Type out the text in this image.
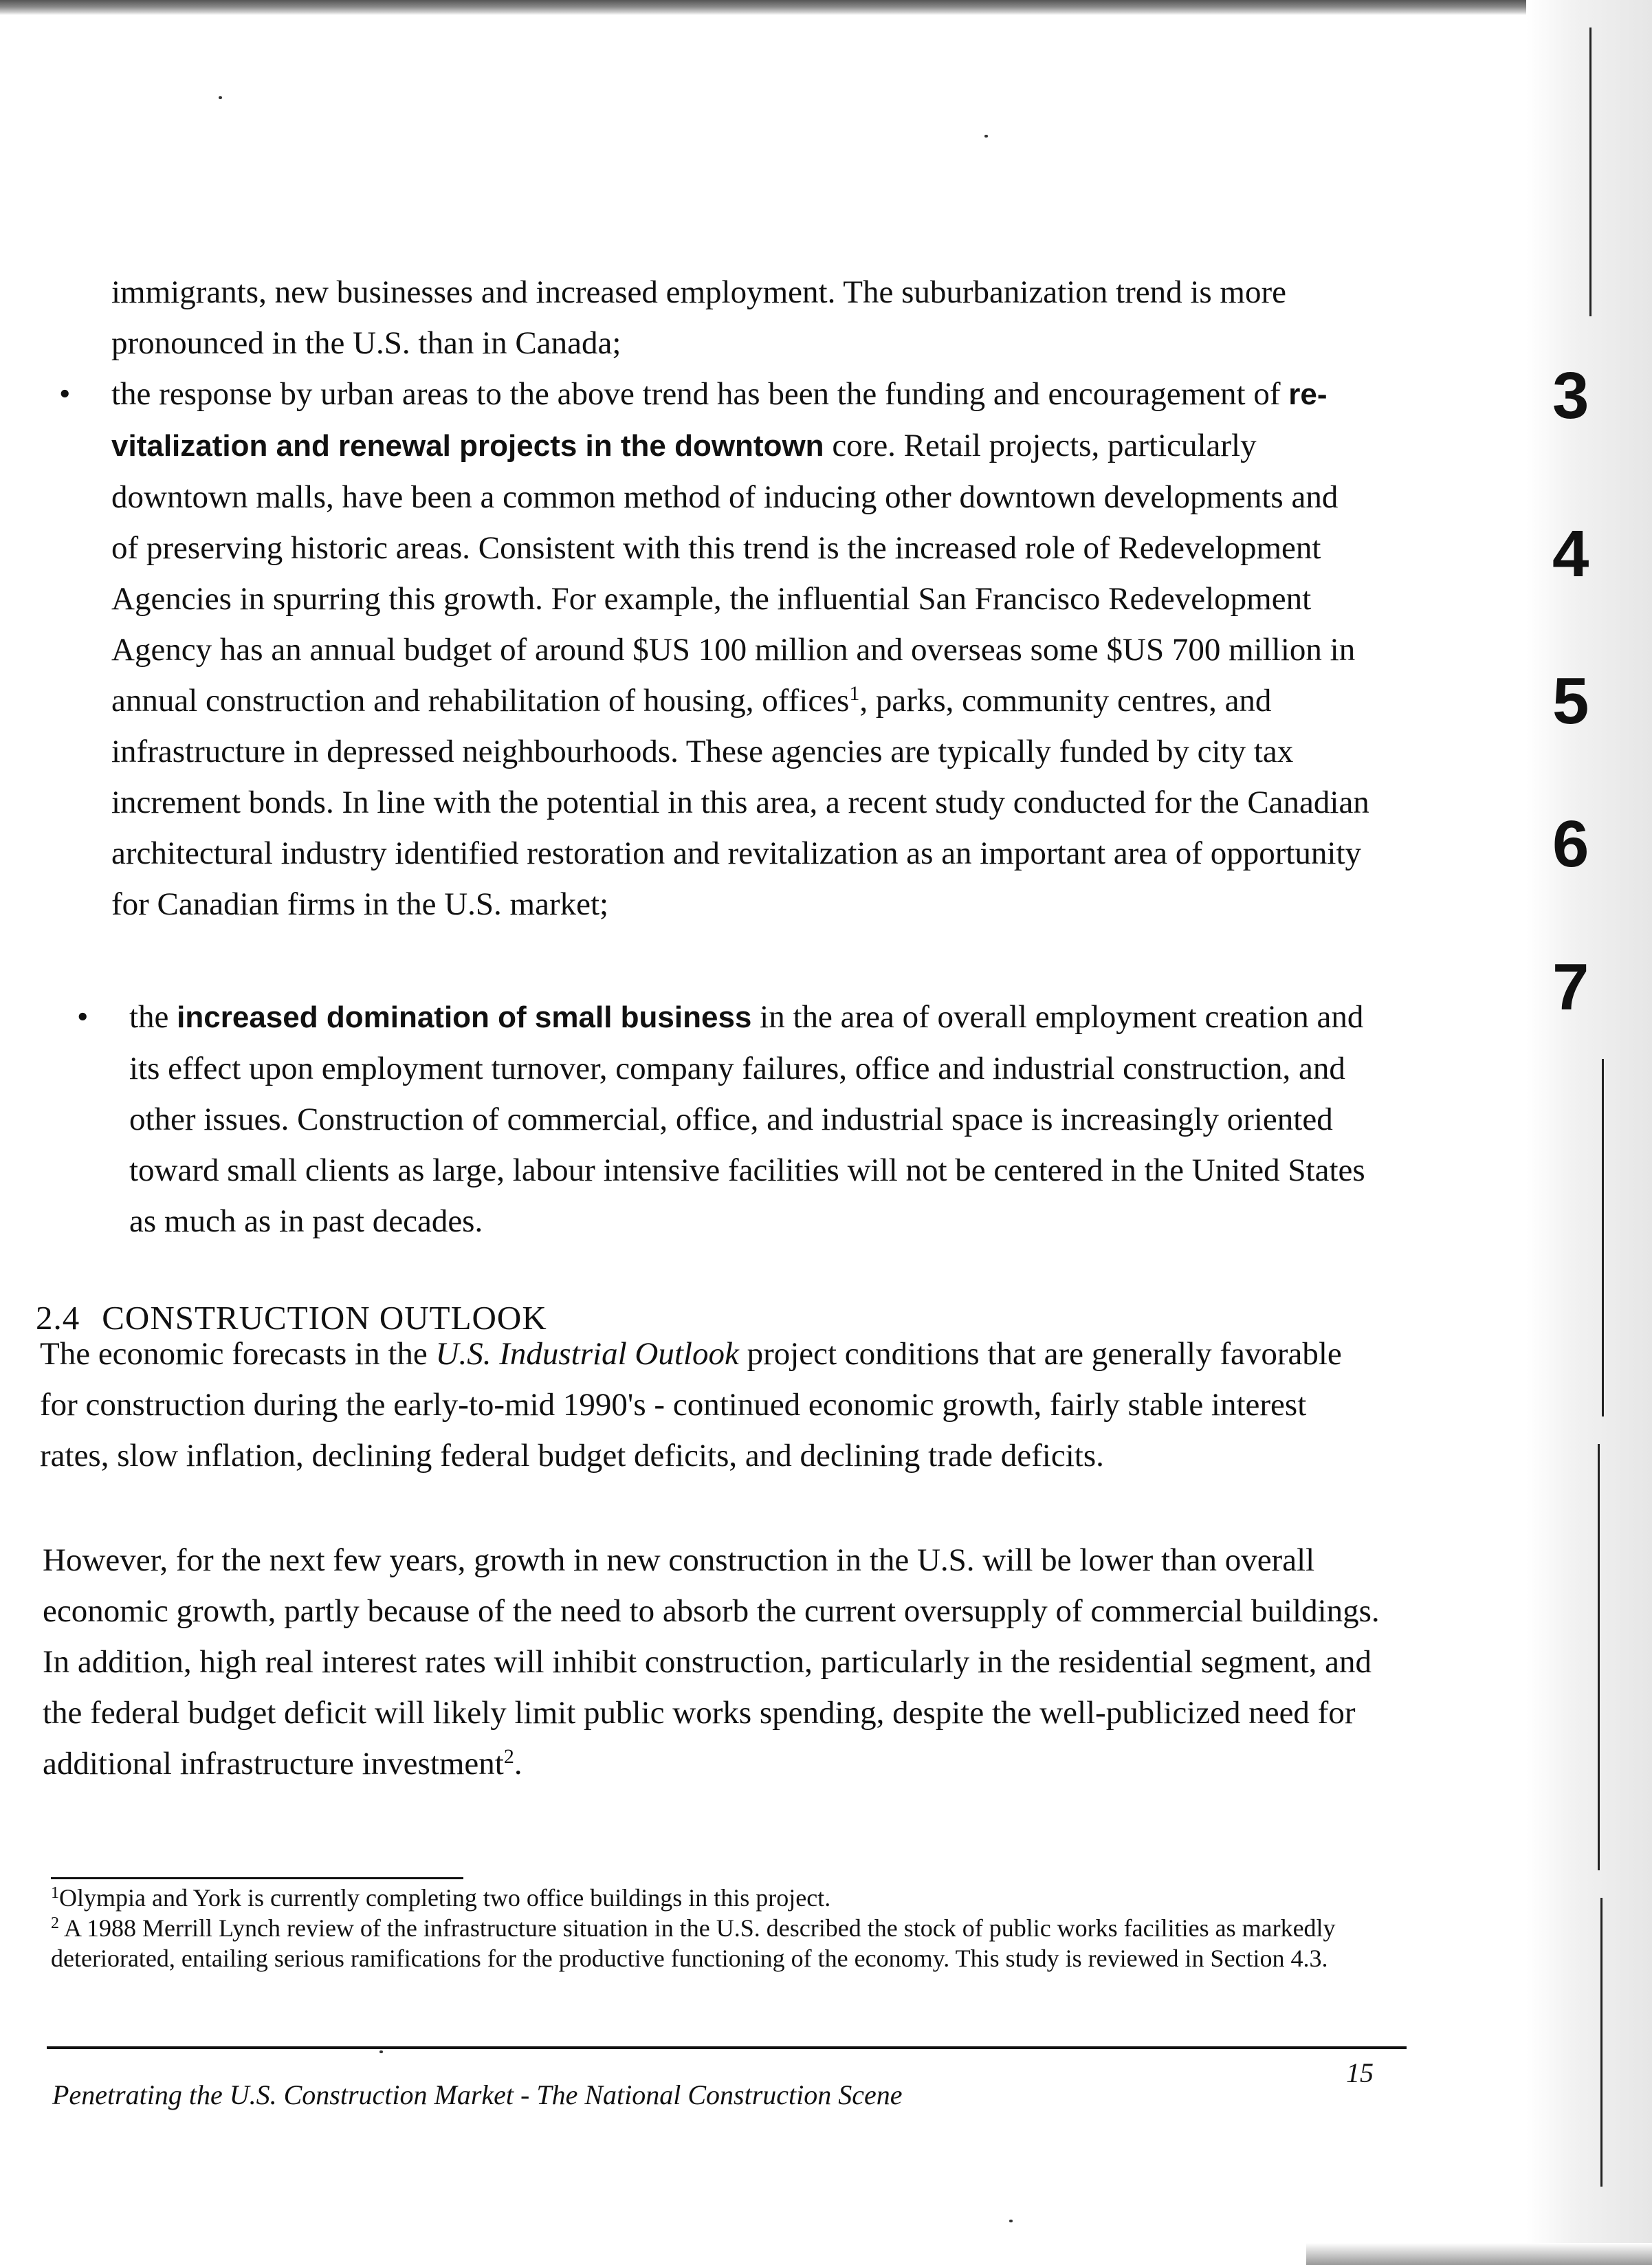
3

4

5

6

7

immigrants, new businesses and increased employment. The suburbanization trend is more pronounced in the U.S. than in Canada;

• the response by urban areas to the above trend has been the funding and encouragement of re-vitalization and renewal projects in the downtown core. Retail projects, particularly downtown malls, have been a common method of inducing other downtown developments and of preserving historic areas. Consistent with this trend is the increased role of Redevelopment Agencies in spurring this growth. For example, the influential San Francisco Redevelopment Agency has an annual budget of around $US 100 million and overseas some $US 700 million in annual construction and rehabilitation of housing, offices$^1$, parks, community centres, and infrastructure in depressed neighbourhoods. These agencies are typically funded by city tax increment bonds. In line with the potential in this area, a recent study conducted for the Canadian architectural industry identified restoration and revitalization as an important area of opportunity for Canadian firms in the U.S. market;

• the increased domination of small business in the area of overall employment creation and its effect upon employment turnover, company failures, office and industrial construction, and other issues. Construction of commercial, office, and industrial space is increasingly oriented toward small clients as large, labour intensive facilities will not be centered in the United States as much as in past decades.

2.4 CONSTRUCTION OUTLOOK

The economic forecasts in the U.S. Industrial Outlook project conditions that are generally favorable for construction during the early-to-mid 1990's - continued economic growth, fairly stable interest rates, slow inflation, declining federal budget deficits, and declining trade deficits.

However, for the next few years, growth in new construction in the U.S. will be lower than overall economic growth, partly because of the need to absorb the current oversupply of commercial buildings. In addition, high real interest rates will inhibit construction, particularly in the residential segment, and the federal budget deficit will likely limit public works spending, despite the well-publicized need for additional infrastructure investment$^2$.

$^1$Olympia and York is currently completing two office buildings in this project.

$^2$ A 1988 Merrill Lynch review of the infrastructure situation in the U.S. described the stock of public works facilities as markedly deteriorated, entailing serious ramifications for the productive functioning of the economy. This study is reviewed in Section 4.3.

15

Penetrating the U.S. Construction Market - The National Construction Scene
